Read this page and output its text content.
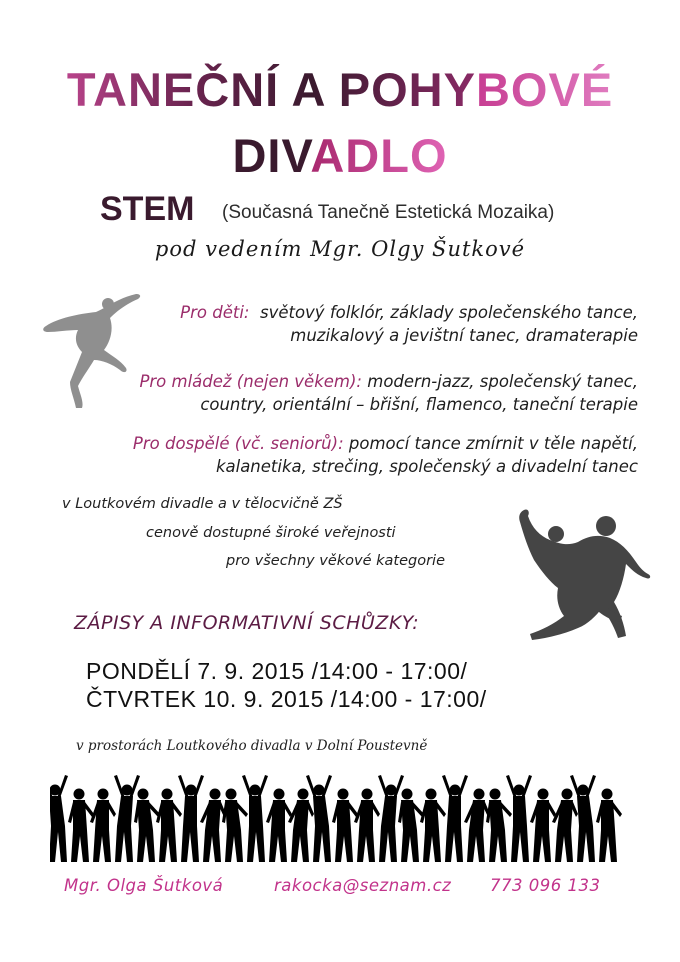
TANEČNÍ A POHYBOVÉ
DIVADLO
STEM (Současná Tanečně Estetická Mozaika)
pod vedením Mgr. Olgy Šutkové
Pro děti: světový folklór, základy společenského tance,
muzikalový a jevištní tanec, dramaterapie
Pro mládež (nejen věkem): modern-jazz, společenský tanec,
country, orientální – břišní, flamenco, taneční terapie
Pro dospělé (vč. seniorů): pomocí tance zmírnit v těle napětí,
kalanetika, strečing, společenský a divadelní tanec
v Loutkovém divadle a v tělocvičně ZŠ
cenově dostupné široké veřejnosti
pro všechny věkové kategorie
ZÁPISY A INFORMATIVNÍ SCHŮZKY:
PONDĚLÍ 7. 9. 2015 /14:00 - 17:00/
ČTVRTEK 10. 9. 2015 /14:00 - 17:00/
v prostorách Loutkového divadla v Dolní Poustevně
Mgr. Olga Šutková	rakocka@seznam.cz 773 096 133
